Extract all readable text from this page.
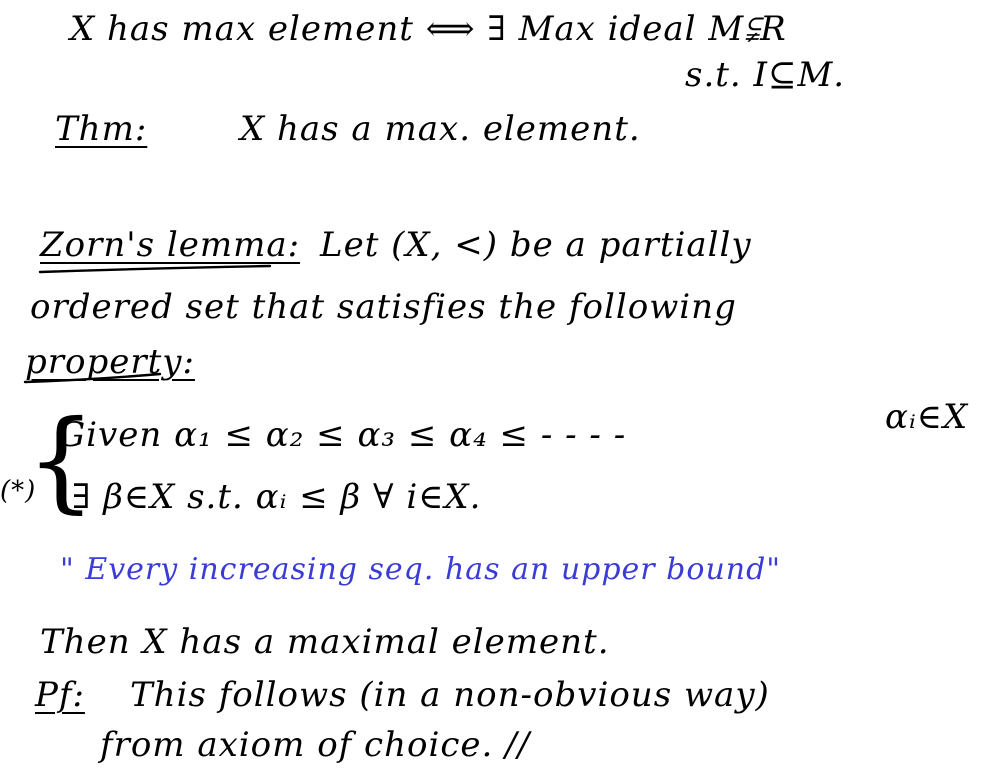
X has max element ⟺ ∃ Max ideal M⫋R
s.t. I⊆M.
Thm:	X has a max. element.
Zorn's lemma: Let (X, <) be a partially
ordered set that satisfies the following
property:
{
Given α₁ ≤ α₂ ≤ α₃ ≤ α₄ ≤ - - - -	αᵢ∈X
(*) ∃ β∈X s.t. αᵢ ≤ β ∀ i∈X.
" Every increasing seq. has an upper bound"
Then X has a maximal element.
Pf: This follows (in a non-obvious way)
from axiom of choice. //
